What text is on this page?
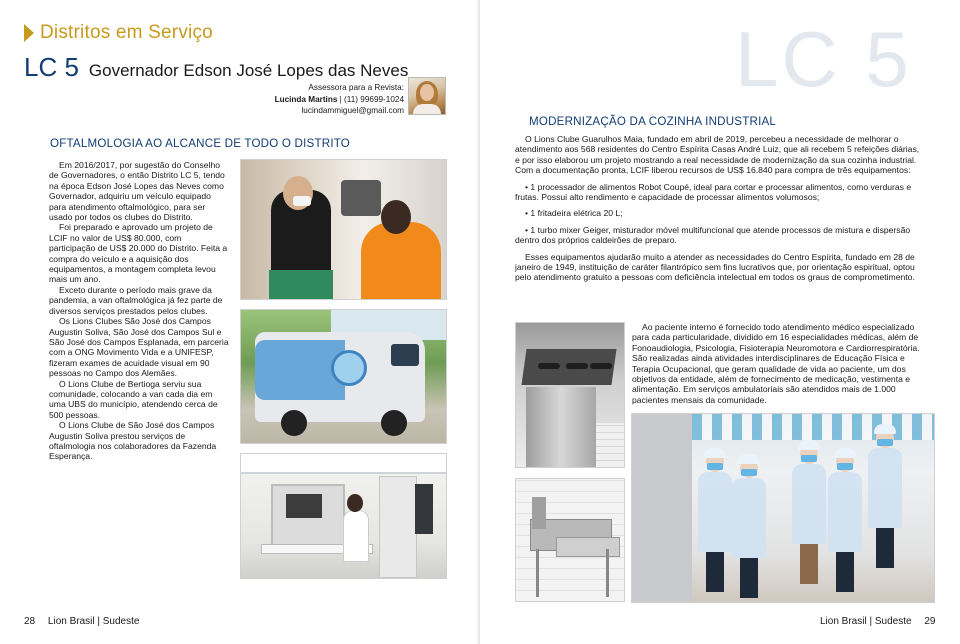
Distritos em Serviço
LC 5 Governador Edson José Lopes das Neves
Assessora para a Revista:
Lucinda Martins | (11) 99699-1024
lucindammiguel@gmail.com
OFTALMOLOGIA AO ALCANCE DE TODO O DISTRITO

Em 2016/2017, por sugestão do Conselho de Governadores, o então Distrito LC 5, tendo na época Edson José Lopes das Neves como Governador, adquiriu um veículo equipado para atendimento oftalmológico, para ser usado por todos os clubes do Distrito.

Foi preparado e aprovado um projeto de LCIF no valor de US$ 80.000, com participação de US$ 20.000 do Distrito. Feita a compra do veículo e a aquisição dos equipamentos, a montagem completa levou mais um ano.

Exceto durante o período mais grave da pandemia, a van oftalmológica já fez parte de diversos serviços prestados pelos clubes.

Os Lions Clubes São José dos Campos Augustin Soliva, São José dos Campos Sul e São José dos Campos Esplanada, em parceria com a ONG Movimento Vida e a UNIFESP, fizeram exames de acuidade visual em 90 pessoas no Campo dos Alemães.

O Lions Clube de Bertioga serviu sua comunidade, colocando a van cada dia em uma UBS do município, atendendo cerca de 500 pessoas.

O Lions Clube de São José dos Campos Augustin Soliva prestou serviços de oftalmologia nos colaboradores da Fazenda Esperança.

28 Lion Brasil | Sudeste
LC 5
MODERNIZAÇÃO DA COZINHA INDUSTRIAL

O Lions Clube Guarulhos Maia, fundado em abril de 2019, percebeu a necessidade de melhorar o atendimento aos 568 residentes do Centro Espírita Casas André Luiz, que ali recebem 5 refeições diárias, e por isso elaborou um projeto mostrando a real necessidade de modernização da sua cozinha industrial. Com a documentação pronta, LCIF liberou recursos de US$ 16.840 para compra de três equipamentos:

• 1 processador de alimentos Robot Coupé, ideal para cortar e processar alimentos, como verduras e frutas. Possui alto rendimento e capacidade de processar alimentos volumosos;

• 1 fritadeira elétrica 20 L;

• 1 turbo mixer Geiger, misturador móvel multifuncional que atende processos de mistura e dispersão dentro dos próprios caldeirões de preparo.

Esses equipamentos ajudarão muito a atender as necessidades do Centro Espírita, fundado em 28 de janeiro de 1949, instituição de caráter filantrópico sem fins lucrativos que, por orientação espiritual, optou pelo atendimento gratuito a pessoas com deficiência intelectual em todos os graus de comprometimento.

Ao paciente interno é fornecido todo atendimento médico especializado para cada particularidade, dividido em 16 especialidades médicas, além de Fonoaudiologia, Psicologia, Fisioterapia Neuromotora e Cardiorrespiratória. São realizadas ainda atividades interdisciplinares de Educação Física e Terapia Ocupacional, que geram qualidade de vida ao paciente, um dos objetivos da entidade, além de fornecimento de medicação, vestimenta e alimentação. Em serviços ambulatoriais são atendidos mais de 1.000 pacientes mensais da comunidade.

Lion Brasil | Sudeste 29
